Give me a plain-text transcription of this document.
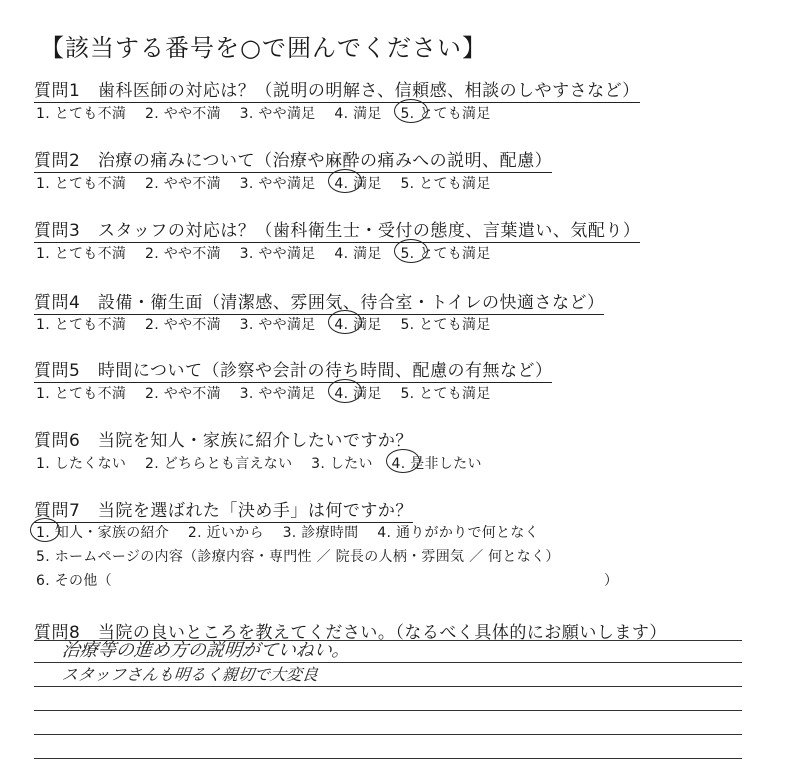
【該当する番号を○で囲んでください】
質問1　歯科医師の対応は？（説明の明解さ、信頼感、相談のしやすさなど）
1. とても不満 2. やや不満 3. やや満足 4. 満足 5. とても満足
質問2　治療の痛みについて（治療や麻酔の痛みへの説明、配慮）
1. とても不満 2. やや不満 3. やや満足 4. 満足 5. とても満足
質問3　スタッフの対応は？（歯科衛生士・受付の態度、言葉遣い、気配り）
1. とても不満 2. やや不満 3. やや満足 4. 満足 5. とても満足
質問4　設備・衛生面（清潔感、雰囲気、待合室・トイレの快適さなど）
1. とても不満 2. やや不満 3. やや満足 4. 満足 5. とても満足
質問5　時間について（診察や会計の待ち時間、配慮の有無など）
1. とても不満 2. やや不満 3. やや満足 4. 満足 5. とても満足
質問6　当院を知人・家族に紹介したいですか？
1. したくない 2. どちらとも言えない 3. したい 4. 是非したい
質問7　当院を選ばれた「決め手」は何ですか？
1. 知人・家族の紹介 2. 近いから 3. 診療時間 4. 通りがかりで何となく
5. ホームページの内容（診療内容・専門性 ／ 院長の人柄・雰囲気 ／ 何となく）
6. その他（	）
質問8　当院の良いところを教えてください。（なるべく具体的にお願いします）
治療等の進め方の説明がていねい。
スタッフさんも明るく親切で大変良
